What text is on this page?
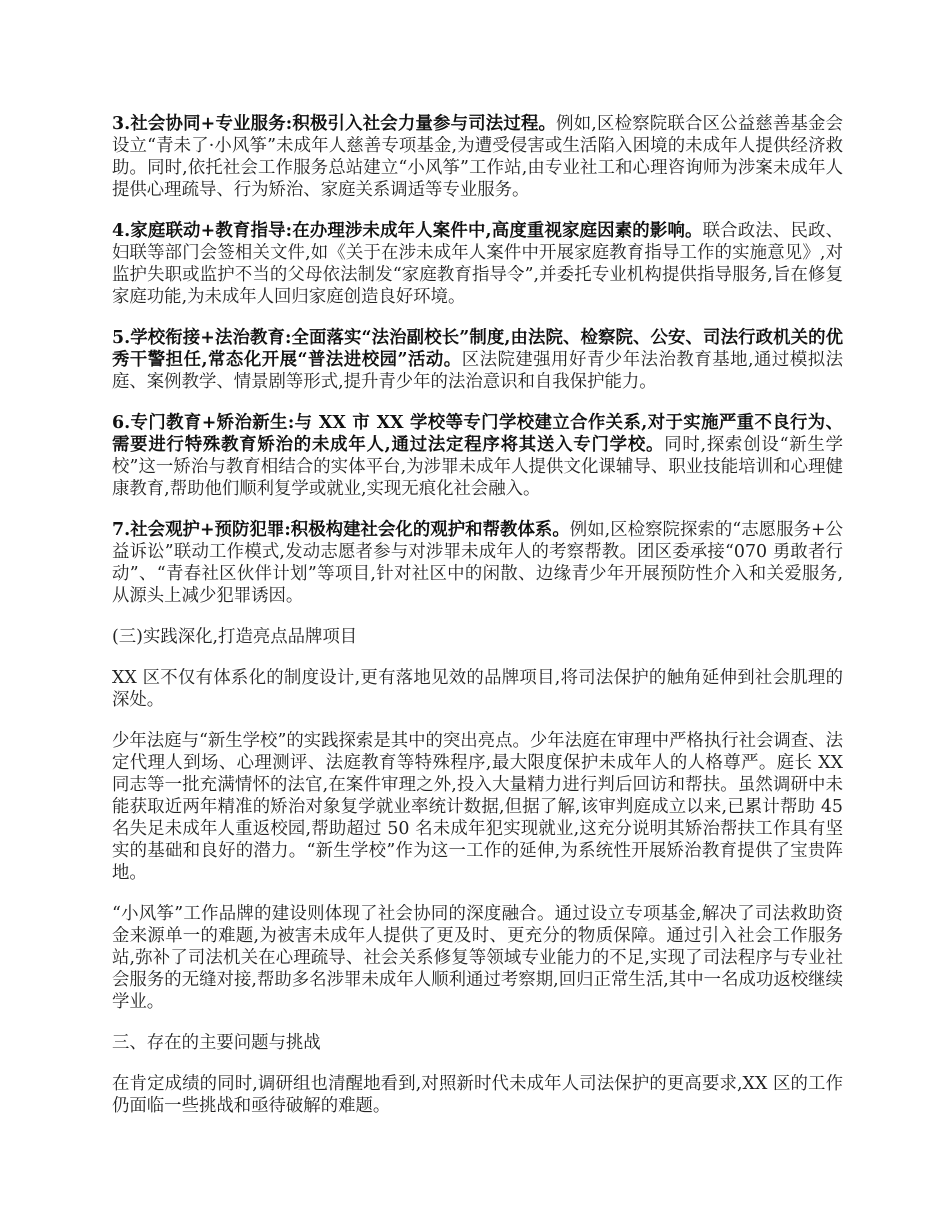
3.社会协同+专业服务:积极引入社会力量参与司法过程。例如,区检察院联合区公益慈善基金会设立“青未了·小风筝”未成年人慈善专项基金,为遭受侵害或生活陷入困境的未成年人提供经济救助。同时,依托社会工作服务总站建立“小风筝”工作站,由专业社工和心理咨询师为涉案未成年人提供心理疏导、行为矫治、家庭关系调适等专业服务。

4.家庭联动+教育指导:在办理涉未成年人案件中,高度重视家庭因素的影响。联合政法、民政、妇联等部门会签相关文件,如《关于在涉未成年人案件中开展家庭教育指导工作的实施意见》,对监护失职或监护不当的父母依法制发“家庭教育指导令”,并委托专业机构提供指导服务,旨在修复家庭功能,为未成年人回归家庭创造良好环境。

5.学校衔接+法治教育:全面落实“法治副校长”制度,由法院、检察院、公安、司法行政机关的优秀干警担任,常态化开展“普法进校园”活动。区法院建强用好青少年法治教育基地,通过模拟法庭、案例教学、情景剧等形式,提升青少年的法治意识和自我保护能力。

6.专门教育+矫治新生:与 XX 市 XX 学校等专门学校建立合作关系,对于实施严重不良行为、需要进行特殊教育矫治的未成年人,通过法定程序将其送入专门学校。同时,探索创设“新生学校”这一矫治与教育相结合的实体平台,为涉罪未成年人提供文化课辅导、职业技能培训和心理健康教育,帮助他们顺利复学或就业,实现无痕化社会融入。

7.社会观护+预防犯罪:积极构建社会化的观护和帮教体系。例如,区检察院探索的“志愿服务+公益诉讼”联动工作模式,发动志愿者参与对涉罪未成年人的考察帮教。团区委承接“070 勇敢者行动”、“青春社区伙伴计划”等项目,针对社区中的闲散、边缘青少年开展预防性介入和关爱服务,从源头上减少犯罪诱因。

(三)实践深化,打造亮点品牌项目

XX 区不仅有体系化的制度设计,更有落地见效的品牌项目,将司法保护的触角延伸到社会肌理的深处。

少年法庭与“新生学校”的实践探索是其中的突出亮点。少年法庭在审理中严格执行社会调查、法定代理人到场、心理测评、法庭教育等特殊程序,最大限度保护未成年人的人格尊严。庭长 XX 同志等一批充满情怀的法官,在案件审理之外,投入大量精力进行判后回访和帮扶。虽然调研中未能获取近两年精准的矫治对象复学就业率统计数据,但据了解,该审判庭成立以来,已累计帮助 45 名失足未成年人重返校园,帮助超过 50 名未成年犯实现就业,这充分说明其矫治帮扶工作具有坚实的基础和良好的潜力。“新生学校”作为这一工作的延伸,为系统性开展矫治教育提供了宝贵阵地。

“小风筝”工作品牌的建设则体现了社会协同的深度融合。通过设立专项基金,解决了司法救助资金来源单一的难题,为被害未成年人提供了更及时、更充分的物质保障。通过引入社会工作服务站,弥补了司法机关在心理疏导、社会关系修复等领域专业能力的不足,实现了司法程序与专业社会服务的无缝对接,帮助多名涉罪未成年人顺利通过考察期,回归正常生活,其中一名成功返校继续学业。

三、存在的主要问题与挑战

在肯定成绩的同时,调研组也清醒地看到,对照新时代未成年人司法保护的更高要求,XX 区的工作仍面临一些挑战和亟待破解的难题。
